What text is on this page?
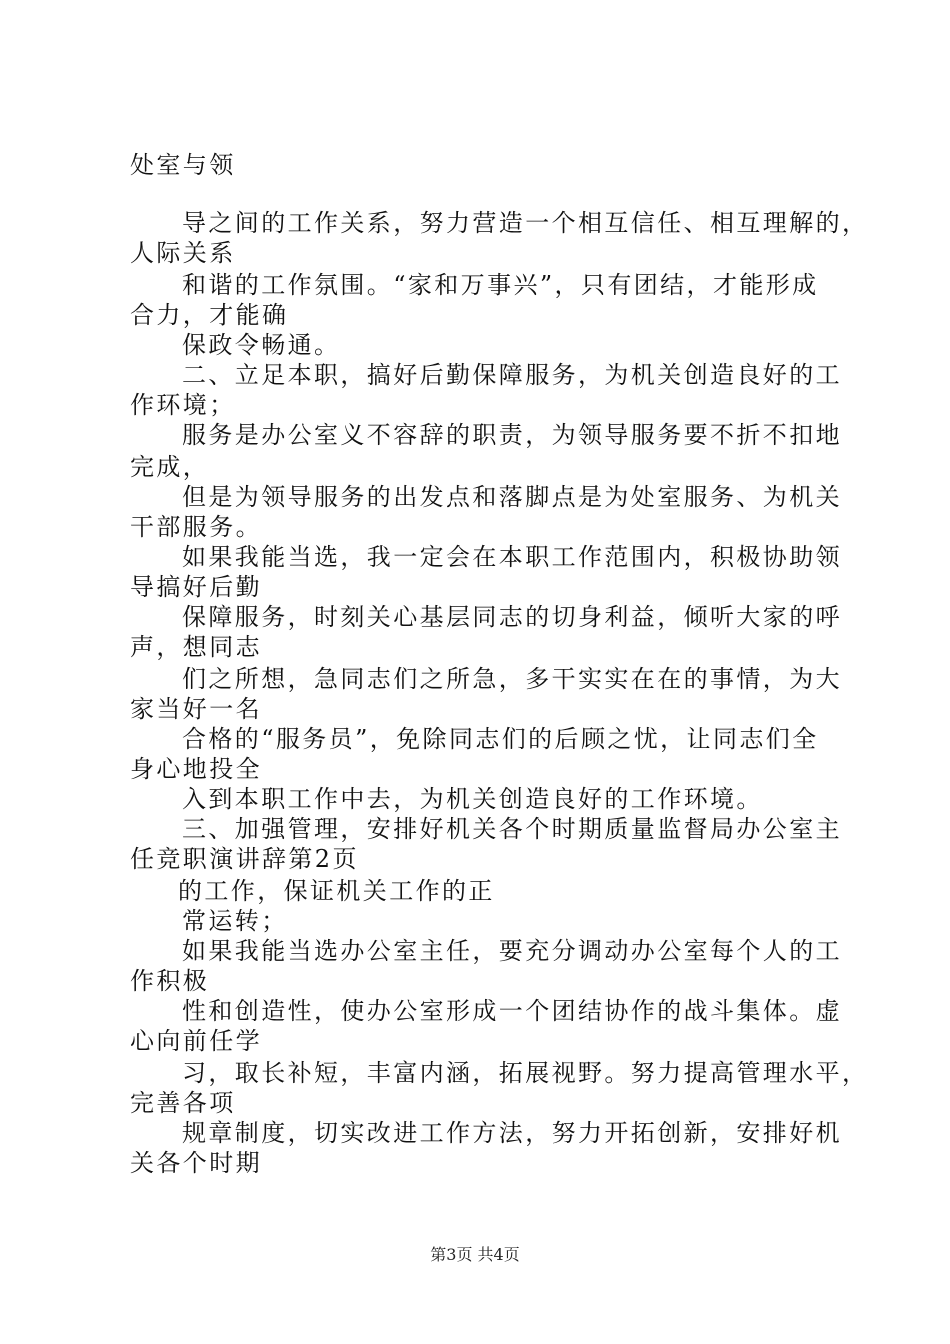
处室与领
导之间的工作关系，努力营造一个相互信任、相互理解的，
人际关系
和谐的工作氛围。“家和万事兴”，只有团结，才能形成
合力，才能确
保政令畅通。
二、立足本职，搞好后勤保障服务，为机关创造良好的工
作环境；
服务是办公室义不容辞的职责，为领导服务要不折不扣地
完成，
但是为领导服务的出发点和落脚点是为处室服务、为机关
干部服务。
如果我能当选，我一定会在本职工作范围内，积极协助领
导搞好后勤
保障服务，时刻关心基层同志的切身利益，倾听大家的呼
声，想同志
们之所想，急同志们之所急，多干实实在在的事情，为大
家当好一名
合格的“服务员”，免除同志们的后顾之忧，让同志们全
身心地投全
入到本职工作中去，为机关创造良好的工作环境。
三、加强管理，安排好机关各个时期质量监督局办公室主
任竞职演讲辞第2页
的工作，保证机关工作的正
常运转；
如果我能当选办公室主任，要充分调动办公室每个人的工
作积极
性和创造性，使办公室形成一个团结协作的战斗集体。虚
心向前任学
习，取长补短，丰富内涵，拓展视野。努力提高管理水平，
完善各项
规章制度，切实改进工作方法，努力开拓创新，安排好机
关各个时期
第3页 共4页
